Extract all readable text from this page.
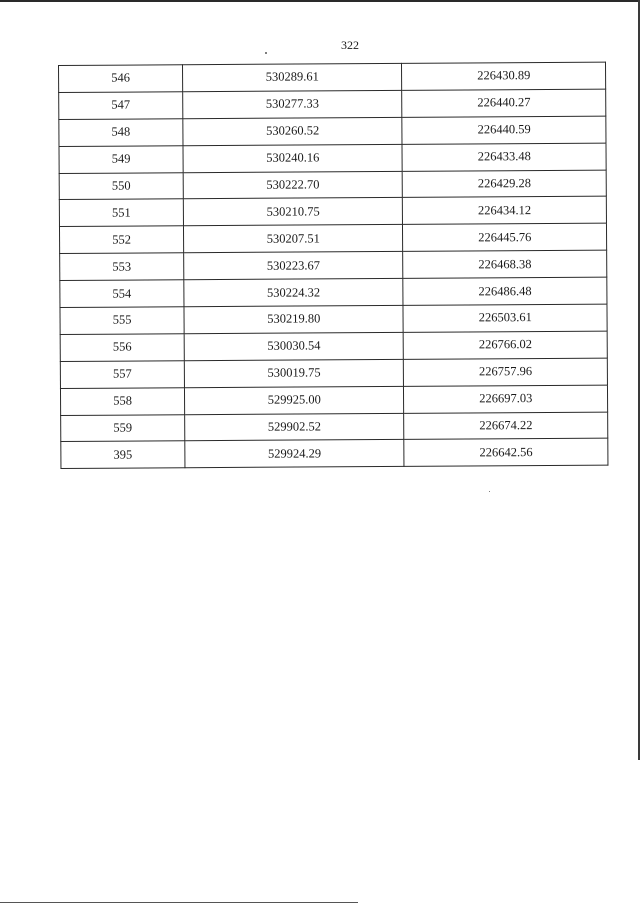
322
546	530289.61	226430.89
547	530277.33	226440.27
548	530260.52	226440.59
549	530240.16	226433.48
550	530222.70	226429.28
551	530210.75	226434.12
552	530207.51	226445.76
553	530223.67	226468.38
554	530224.32	226486.48
555	530219.80	226503.61
556	530030.54	226766.02
557	530019.75	226757.96
558	529925.00	226697.03
559	529902.52	226674.22
395	529924.29	226642.56
